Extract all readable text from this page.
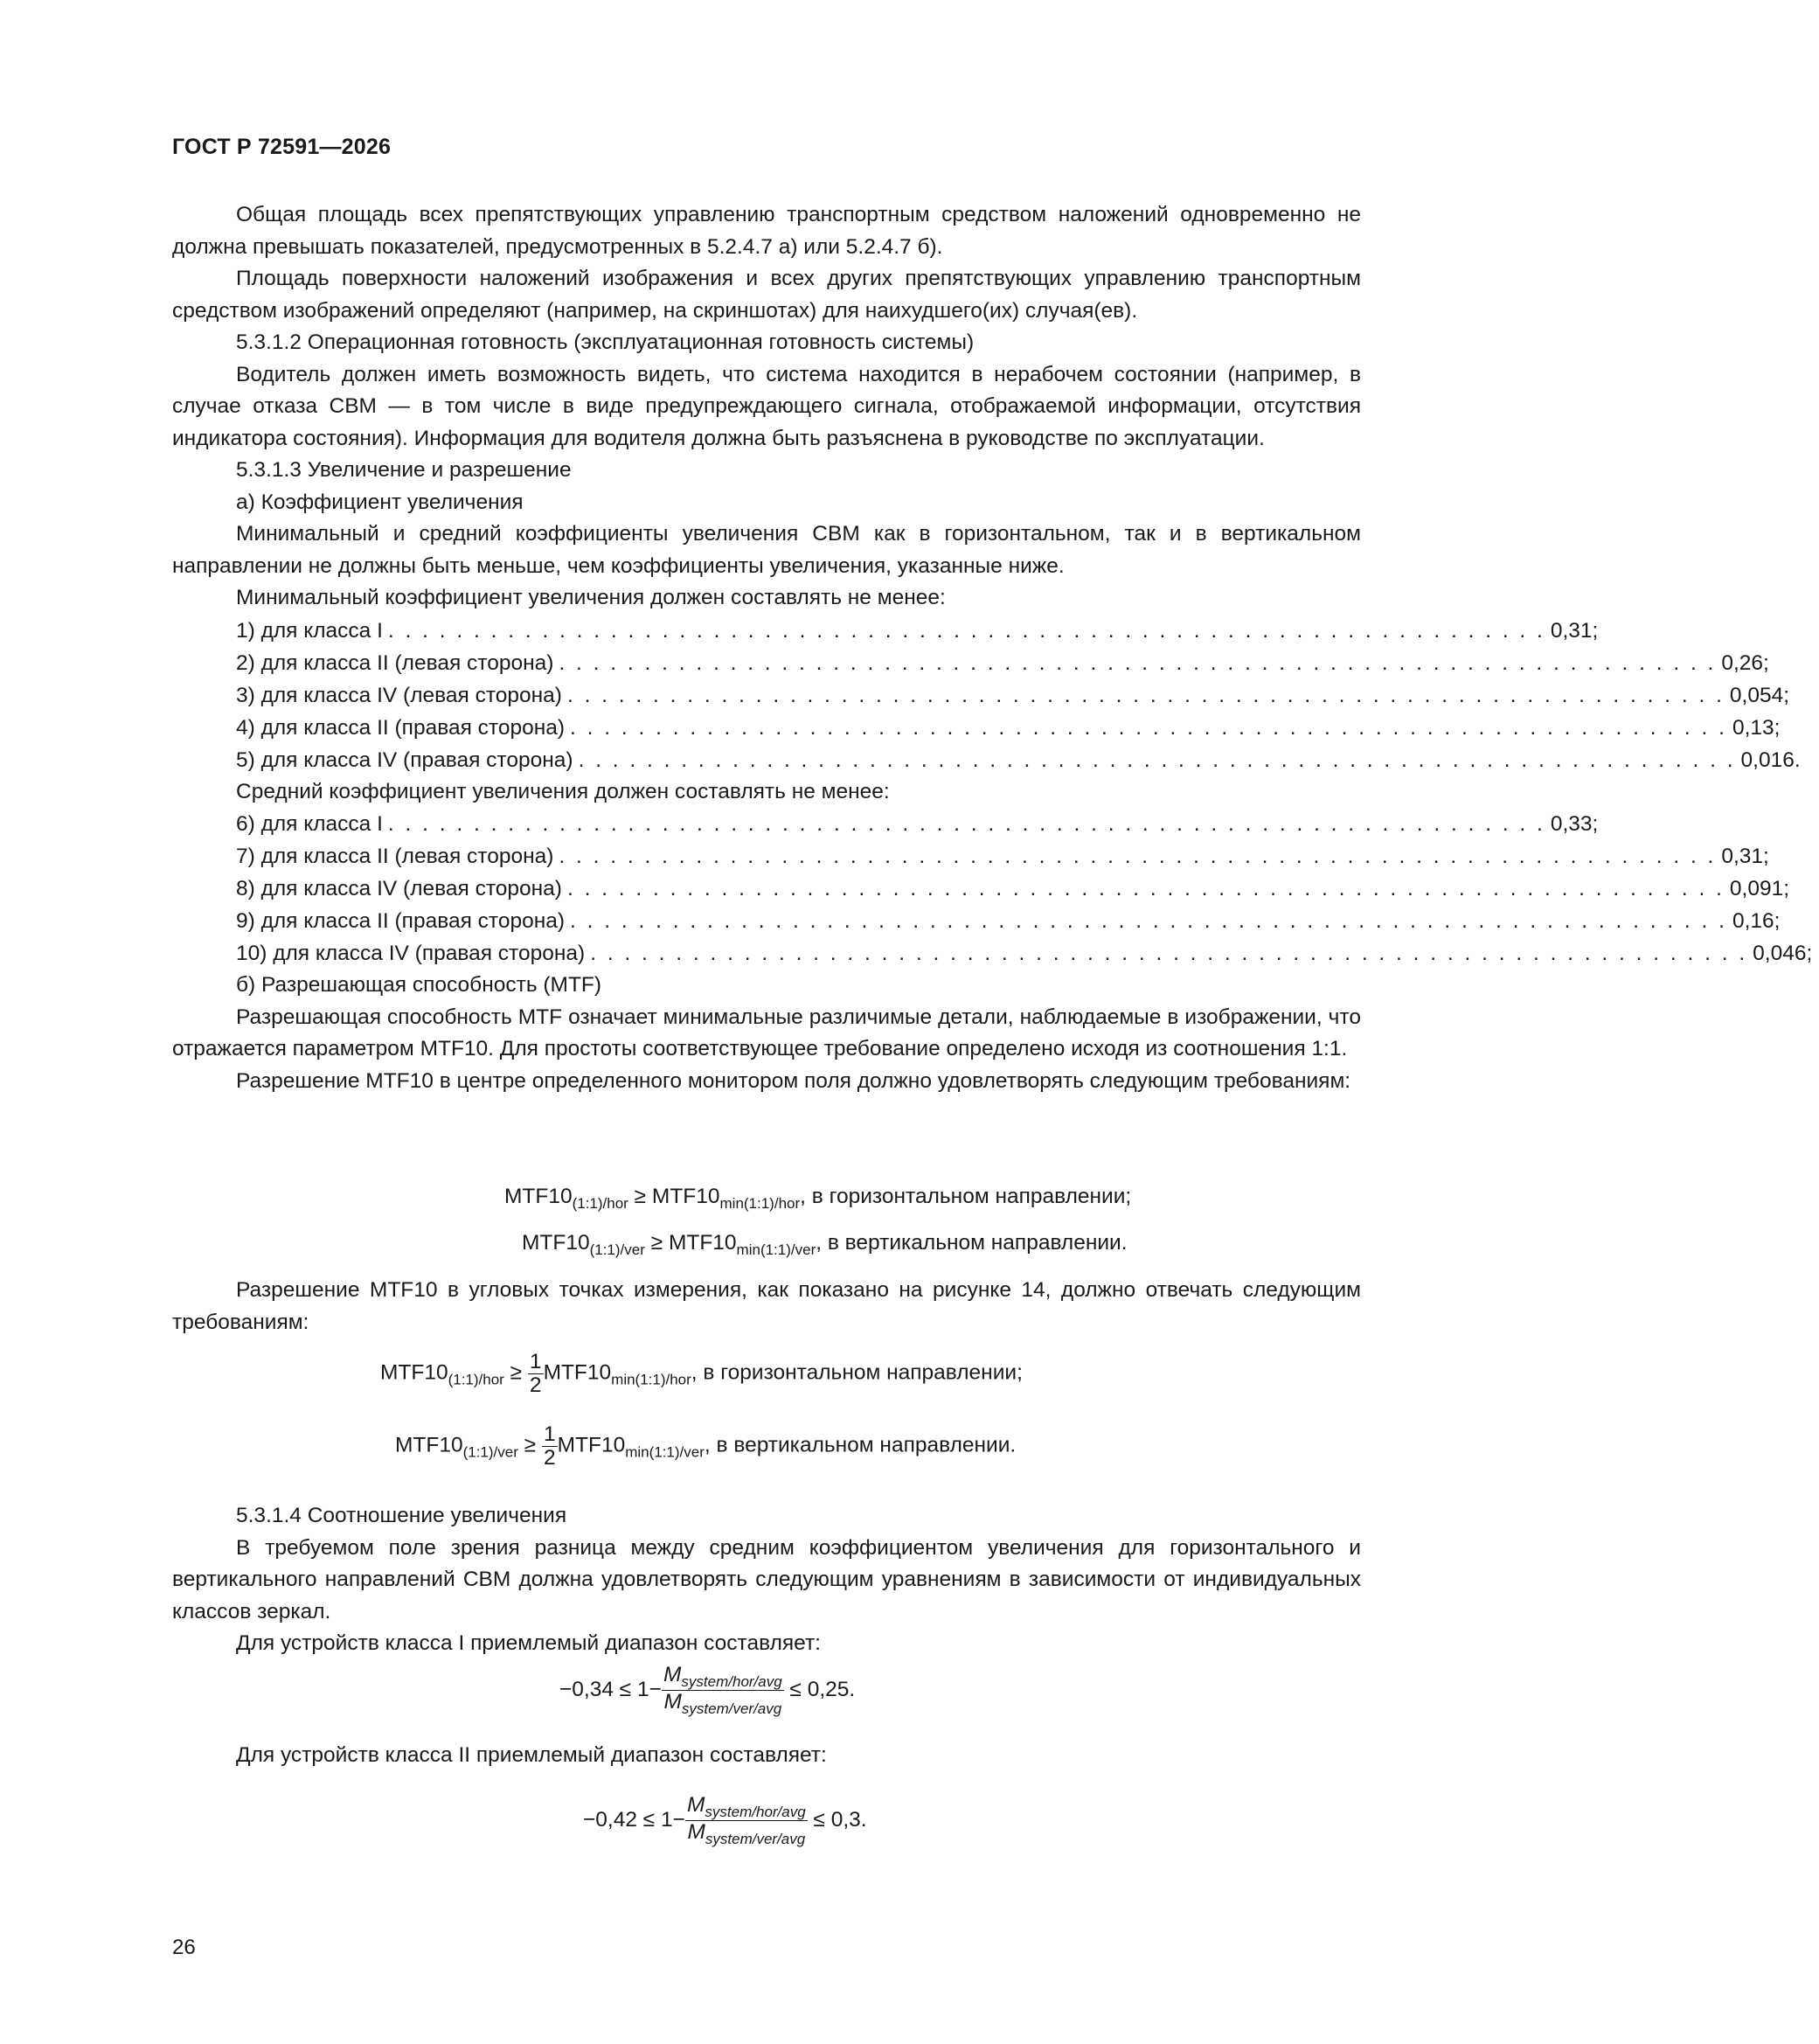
ГОСТ Р 72591—2026

Общая площадь всех препятствующих управлению транспортным средством наложений одновременно не должна превышать показателей, предусмотренных в 5.2.4.7 а) или 5.2.4.7 б).

Площадь поверхности наложений изображения и всех других препятствующих управлению транспортным средством изображений определяют (например, на скриншотах) для наихудшего(их) случая(ев).

5.3.1.2 Операционная готовность (эксплуатационная готовность системы)

Водитель должен иметь возможность видеть, что система находится в нерабочем состоянии (например, в случае отказа СВМ — в том числе в виде предупреждающего сигнала, отображаемой информации, отсутствия индикатора состояния). Информация для водителя должна быть разъяснена в руководстве по эксплуатации.

5.3.1.3 Увеличение и разрешение

а) Коэффициент увеличения

Минимальный и средний коэффициенты увеличения СВМ как в горизонтальном, так и в вертикальном направлении не должны быть меньше, чем коэффициенты увеличения, указанные ниже.

Минимальный коэффициент увеличения должен составлять не менее:

1) для класса I . . . . . . . . . . . . . . . . . . . . . . . . . . . . . . . . . . . . . . . . . . . . . . . . . . . . . . . . . . . . . . . . . . . . 0,31;
2) для класса II (левая сторона) . . . . . . . . . . . . . . . . . . . . . . . . . . . . . . . . . . . . . . . . . . . . . . . . . . . . . . . . . . . . . . . . . . . . 0,26;
3) для класса IV (левая сторона) . . . . . . . . . . . . . . . . . . . . . . . . . . . . . . . . . . . . . . . . . . . . . . . . . . . . . . . . . . . . . . . . . . . . 0,054;
4) для класса II (правая сторона) . . . . . . . . . . . . . . . . . . . . . . . . . . . . . . . . . . . . . . . . . . . . . . . . . . . . . . . . . . . . . . . . . . . . 0,13;
5) для класса IV (правая сторона) . . . . . . . . . . . . . . . . . . . . . . . . . . . . . . . . . . . . . . . . . . . . . . . . . . . . . . . . . . . . . . . . . . . . 0,016.

Средний коэффициент увеличения должен составлять не менее:

6) для класса I . . . . . . . . . . . . . . . . . . . . . . . . . . . . . . . . . . . . . . . . . . . . . . . . . . . . . . . . . . . . . . . . . . . . 0,33;
7) для класса II (левая сторона) . . . . . . . . . . . . . . . . . . . . . . . . . . . . . . . . . . . . . . . . . . . . . . . . . . . . . . . . . . . . . . . . . . . . 0,31;
8) для класса IV (левая сторона) . . . . . . . . . . . . . . . . . . . . . . . . . . . . . . . . . . . . . . . . . . . . . . . . . . . . . . . . . . . . . . . . . . . . 0,091;
9) для класса II (правая сторона) . . . . . . . . . . . . . . . . . . . . . . . . . . . . . . . . . . . . . . . . . . . . . . . . . . . . . . . . . . . . . . . . . . . . 0,16;
10) для класса IV (правая сторона) . . . . . . . . . . . . . . . . . . . . . . . . . . . . . . . . . . . . . . . . . . . . . . . . . . . . . . . . . . . . . . . . . . . . 0,046;

б) Разрешающая способность (MTF)

Разрешающая способность MTF означает минимальные различимые детали, наблюдаемые в изображении, что отражается параметром MTF10. Для простоты соответствующее требование определено исходя из соотношения 1:1.

Разрешение MTF10 в центре определенного монитором поля должно удовлетворять следующим требованиям:

$MTF10_{(1:1)/hor} \ge MTF10_{min(1:1)/hor}$, в горизонтальном направлении;
$MTF10_{(1:1)/ver} \ge MTF10_{min(1:1)/ver}$, в вертикальном направлении.

Разрешение MTF10 в угловых точках измерения, как показано на рисунке 14, должно отвечать следующим требованиям:

$MTF10_{(1:1)/hor} \ge \frac{1}{2} MTF10_{min(1:1)/hor}$, в горизонтальном направлении;
$MTF10_{(1:1)/ver} \ge \frac{1}{2} MTF10_{min(1:1)/ver}$, в вертикальном направлении.

5.3.1.4 Соотношение увеличения

В требуемом поле зрения разница между средним коэффициентом увеличения для горизонтального и вертикального направлений СВМ должна удовлетворять следующим уравнениям в зависимости от индивидуальных классов зеркал.

Для устройств класса I приемлемый диапазон составляет:

$-0,34 \le 1- \frac{M_{system/hor/avg}}{M_{system/ver/avg}} \le 0,25$.

Для устройств класса II приемлемый диапазон составляет:

$-0,42 \le 1- \frac{M_{system/hor/avg}}{M_{system/ver/avg}} \le 0,3$.
26
